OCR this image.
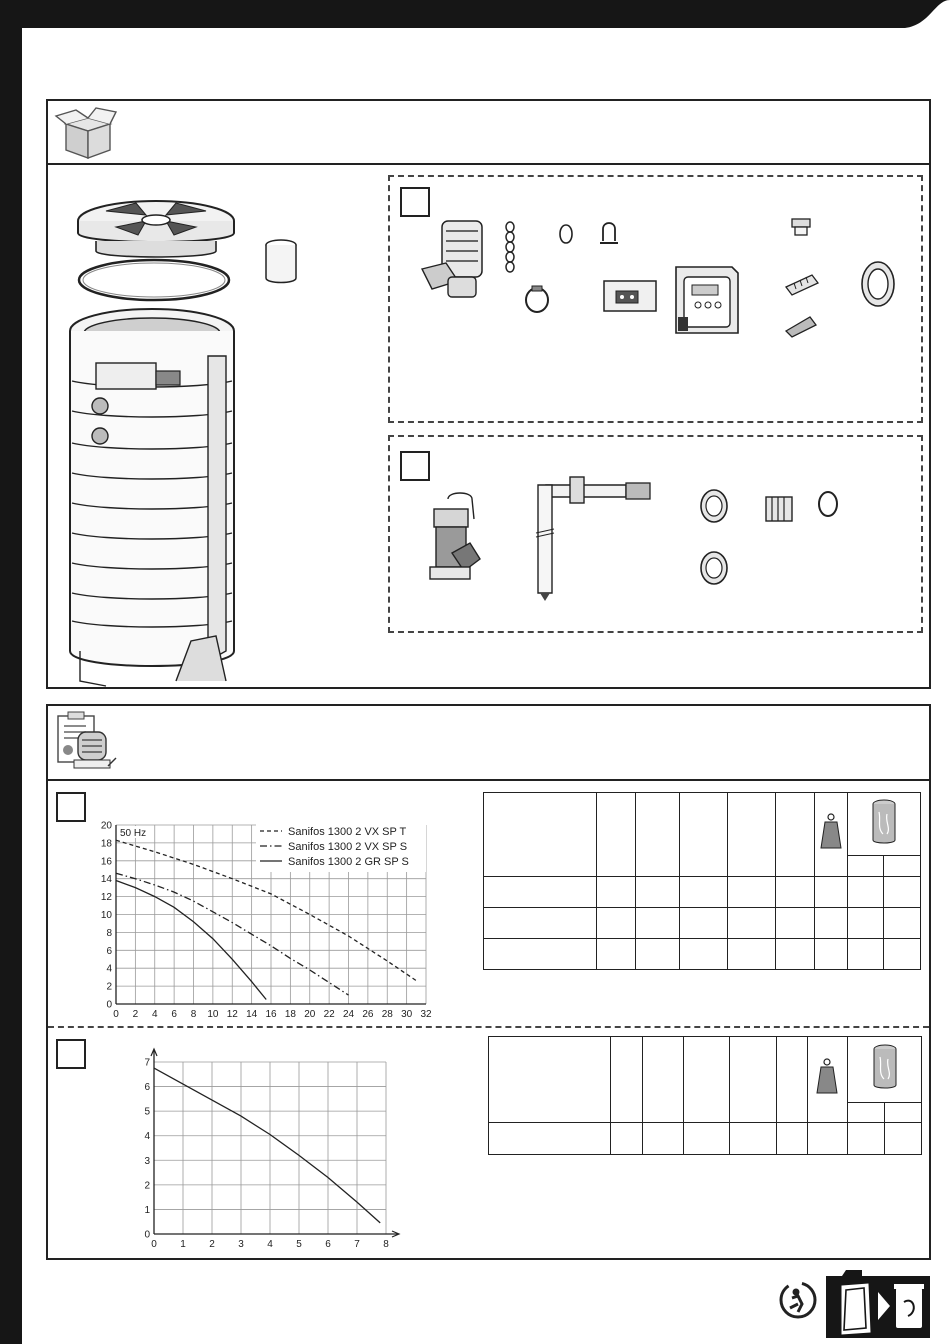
0 2 4 6 8 10 12 14 16 18 20 22 24 26 28 30 32
0
2
4
6
8
10
12
14
16
18
20	Sanifos 1300 2 VX SP T
Sanifos 1300 2 VX SP S
Sanifos 1300 2 GR SP S
50 Hz

0 1 2 3 4 5 6 7 8
0
1
2
3
4
5
6
7
